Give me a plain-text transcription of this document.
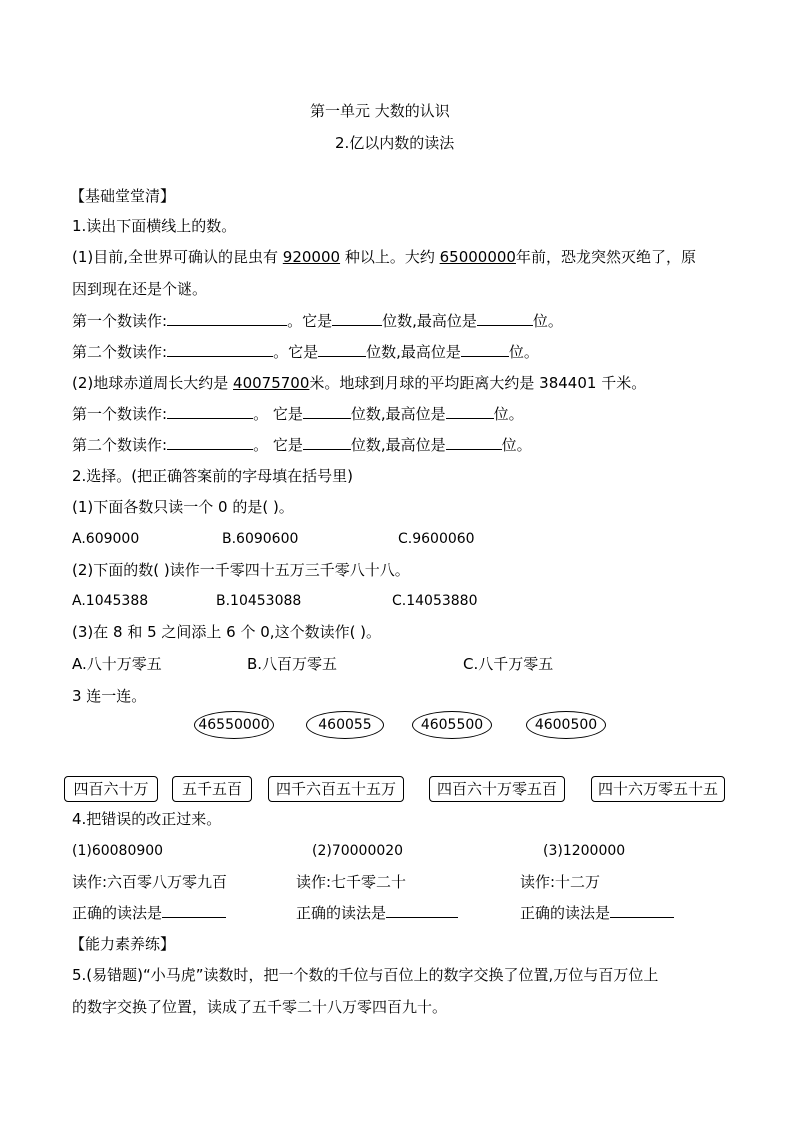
第一单元 大数的认识
2.亿以内数的读法
【基础堂堂清】
1.读出下面横线上的数。
(1)目前,全世界可确认的昆虫有 920000 种以上。大约 65000000年前，恐龙突然灭绝了，原
因到现在还是个谜。
第一个数读作:	。它是	位数,最高位是	位。
第二个数读作:	。它是	位数,最高位是	位。
(2)地球赤道周长大约是 40075700米。地球到月球的平均距离大约是 384401 千米。
第一个数读作:	。 它是	位数,最高位是	位。
第二个数读作:	。 它是	位数,最高位是	位。
2.选择。(把正确答案前的字母填在括号里)
(1)下面各数只读一个 0 的是( )。
A.609000	B.6090600	C.9600060
(2)下面的数( )读作一千零四十五万三千零八十八。
A.1045388	B.10453088	C.14053880
(3)在 8 和 5 之间添上 6 个 0,这个数读作( )。
A.八十万零五	B.八百万零五	C.八千万零五
3 连一连。
46550000	460055	4605500	4600500
四百六十万	五千五百	四千六百五十五万	四百六十万零五百	四十六万零五十五
4.把错误的改正过来。
(1)60080900	(2)70000020	(3)1200000
读作:六百零八万零九百	读作:七千零二十	读作:十二万
正确的读法是	正确的读法是	正确的读法是
【能力素养练】
5.(易错题)“小马虎”读数时，把一个数的千位与百位上的数字交换了位置,万位与百万位上
的数字交换了位置，读成了五千零二十八万零四百九十。
